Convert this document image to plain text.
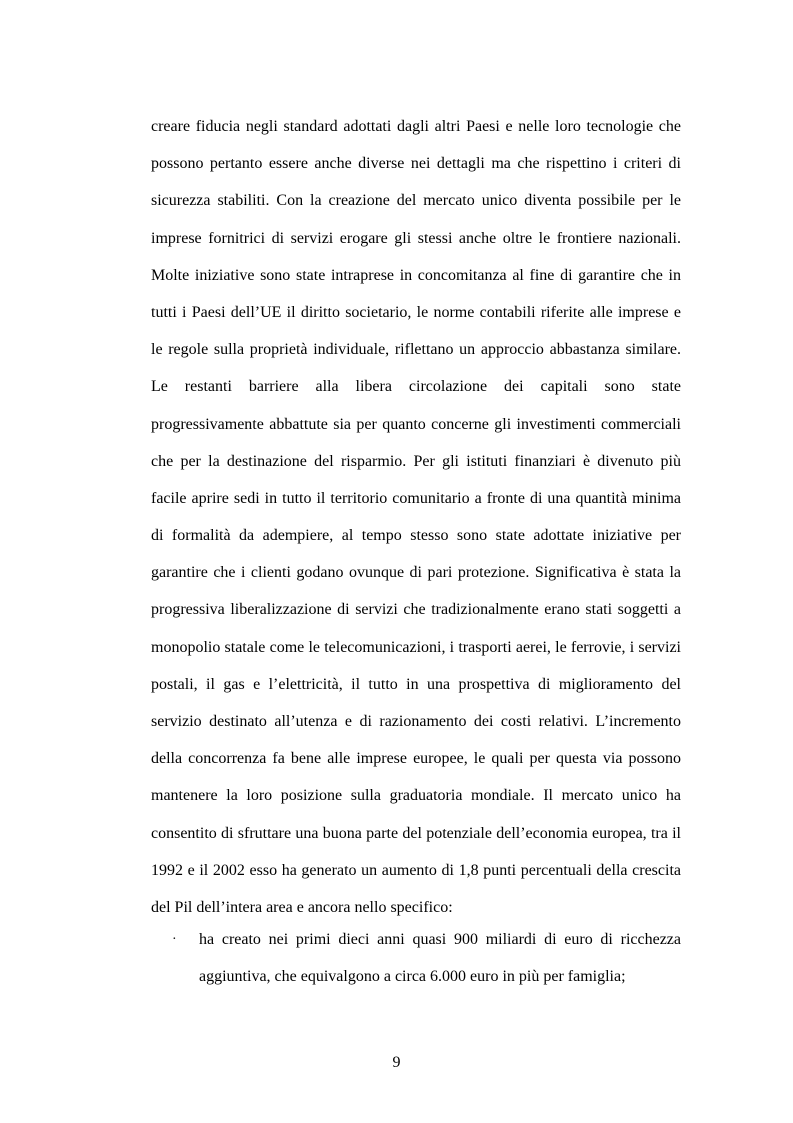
creare fiducia negli standard adottati dagli altri Paesi e nelle loro tecnologie che
possono pertanto essere anche diverse nei dettagli ma che rispettino i criteri di
sicurezza stabiliti. Con la creazione del mercato unico diventa possibile per le
imprese fornitrici di servizi erogare gli stessi anche oltre le frontiere nazionali.
Molte iniziative sono state intraprese in concomitanza al fine di garantire che in
tutti i Paesi dell’UE il diritto societario, le norme contabili riferite alle imprese e
le regole sulla proprietà individuale, riflettano un approccio abbastanza similare.
Le restanti barriere alla libera circolazione dei capitali sono state
progressivamente abbattute sia per quanto concerne gli investimenti commerciali
che per la destinazione del risparmio. Per gli istituti finanziari è divenuto più
facile aprire sedi in tutto il territorio comunitario a fronte di una quantità minima
di formalità da adempiere, al tempo stesso sono state adottate iniziative per
garantire che i clienti godano ovunque di pari protezione. Significativa è stata la
progressiva liberalizzazione di servizi che tradizionalmente erano stati soggetti a
monopolio statale come le telecomunicazioni, i trasporti aerei, le ferrovie, i servizi
postali, il gas e l’elettricità, il tutto in una prospettiva di miglioramento del
servizio destinato all’utenza e di razionamento dei costi relativi. L’incremento
della concorrenza fa bene alle imprese europee, le quali per questa via possono
mantenere la loro posizione sulla graduatoria mondiale. Il mercato unico ha
consentito di sfruttare una buona parte del potenziale dell’economia europea, tra il
1992 e il 2002 esso ha generato un aumento di 1,8 punti percentuali della crescita
del Pil dell’intera area e ancora nello specifico:
·	ha creato nei primi dieci anni quasi 900 miliardi di euro di ricchezza
aggiuntiva, che equivalgono a circa 6.000 euro in più per famiglia;
9
